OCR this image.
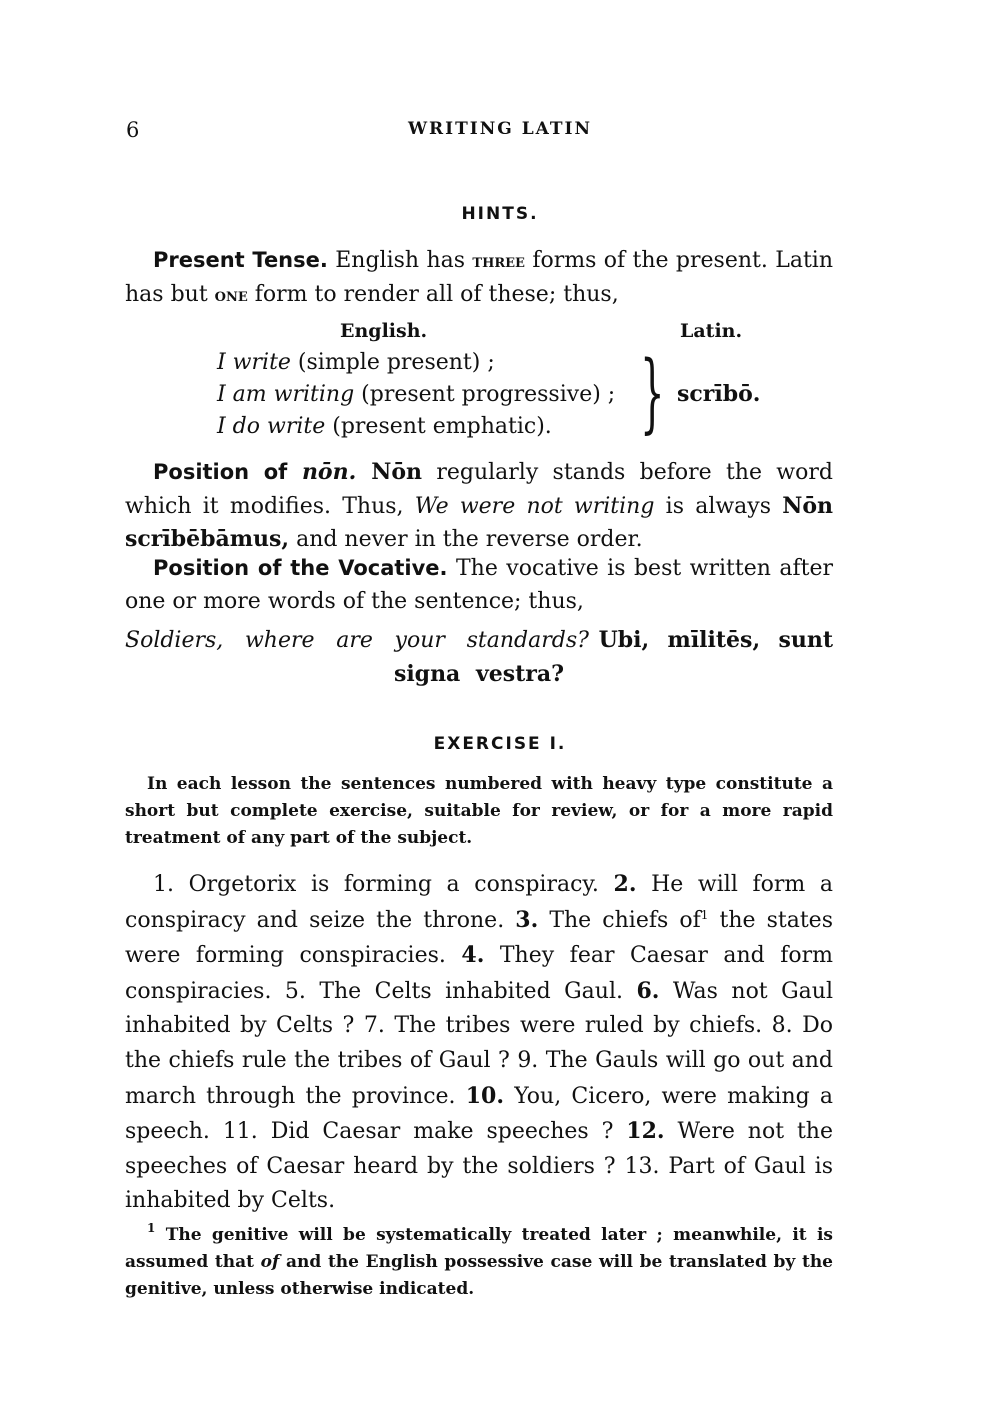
6	WRITING LATIN
HINTS.
Present Tense. English has three forms of the present. Latin has but one form to render all of these; thus,
English.	Latin.
I write (simple present) ;
I am writing (present progressive) ;
I do write (present emphatic). } scrībō.
Position of nōn. Nōn regularly stands before the word which it modifies. Thus, We were not writing is always Nōn scrībēbāmus, and never in the reverse order.
Position of the Vocative. The vocative is best written after one or more words of the sentence; thus,
Soldiers, where are your standards? Ubi, mīlitēs, sunt signa vestra?
EXERCISE I.
In each lesson the sentences numbered with heavy type constitute a short but complete exercise, suitable for review, or for a more rapid treatment of any part of the subject.
1. Orgetorix is forming a conspiracy. 2. He will form a conspiracy and seize the throne. 3. The chiefs $of^1$ the states were forming conspiracies. 4. They fear Caesar and form conspiracies. 5. The Celts inhabited Gaul. 6. Was not Gaul inhabited by Celts ? 7. The tribes were ruled by chiefs. 8. Do the chiefs rule the tribes of Gaul ? 9. The Gauls will go out and march through the province. 10. You, Cicero, were making a speech. 11. Did Caesar make speeches ? 12. Were not the speeches of Caesar heard by the soldiers ? 13. Part of Gaul is inhabited by Celts.
$^1$ The genitive will be systematically treated later ; meanwhile, it is assumed that of and the English possessive case will be translated by the genitive, unless otherwise indicated.
